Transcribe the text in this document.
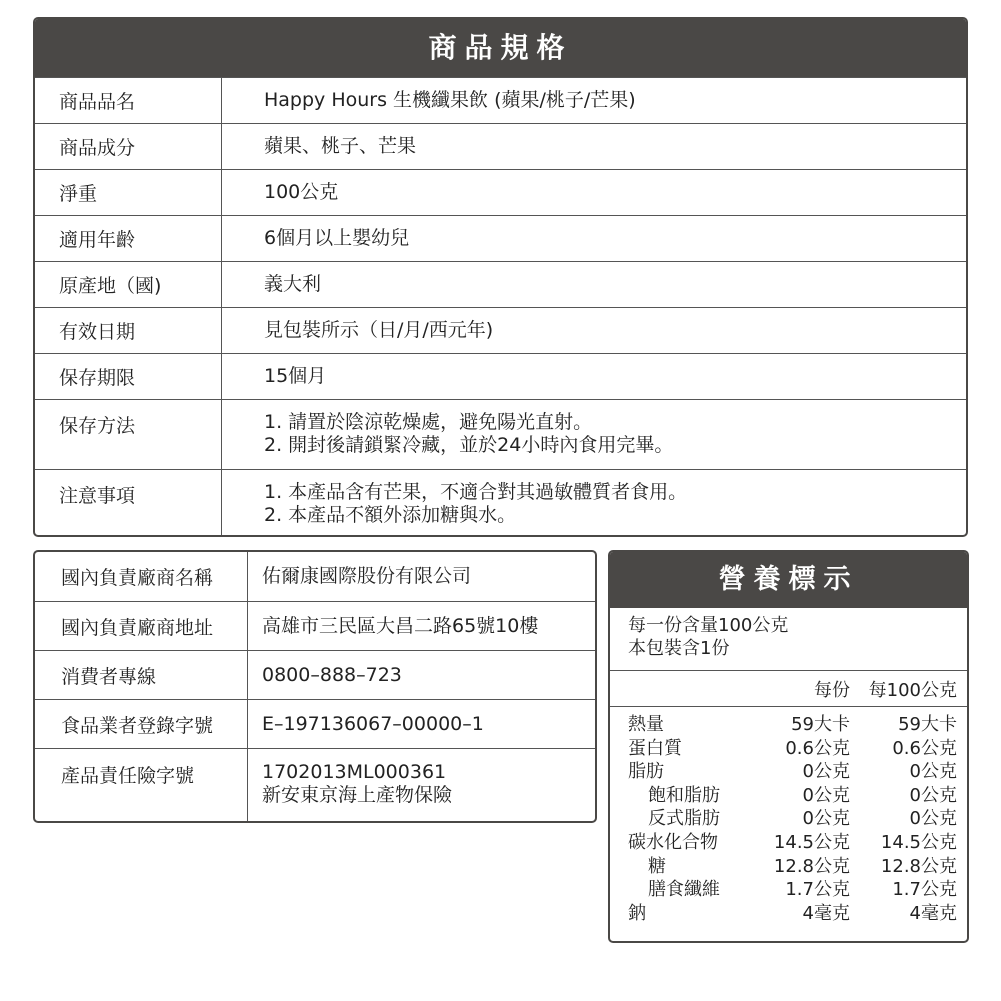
商品規格
商品品名	Happy Hours 生機纖果飲 (蘋果/桃子/芒果)
商品成分	蘋果、桃子、芒果
淨重	100公克
適用年齡	6個月以上嬰幼兒
原產地（國)	義大利
有效日期	見包裝所示（日/月/西元年)
保存期限	15個月
保存方法	1. 請置於陰涼乾燥處，避免陽光直射。
2. 開封後請鎖緊冷藏，並於24小時內食用完畢。
注意事項	1. 本產品含有芒果，不適合對其過敏體質者食用。
2. 本產品不額外添加糖與水。
國內負責廠商名稱	佑爾康國際股份有限公司
國內負責廠商地址	高雄市三民區大昌二路65號10樓
消費者專線	0800–888–723
食品業者登錄字號	E–197136067–00000–1
產品責任險字號	1702013ML000361
新安東京海上產物保險
營養標示
每一份含量100公克
本包裝含1份
每份	每100公克
熱量	59大卡	59大卡
蛋白質	0.6公克	0.6公克
脂肪	0公克	0公克
飽和脂肪	0公克	0公克
反式脂肪	0公克	0公克
碳水化合物	14.5公克	14.5公克
糖	12.8公克	12.8公克
膳食纖維	1.7公克	1.7公克
鈉	4毫克	4毫克
